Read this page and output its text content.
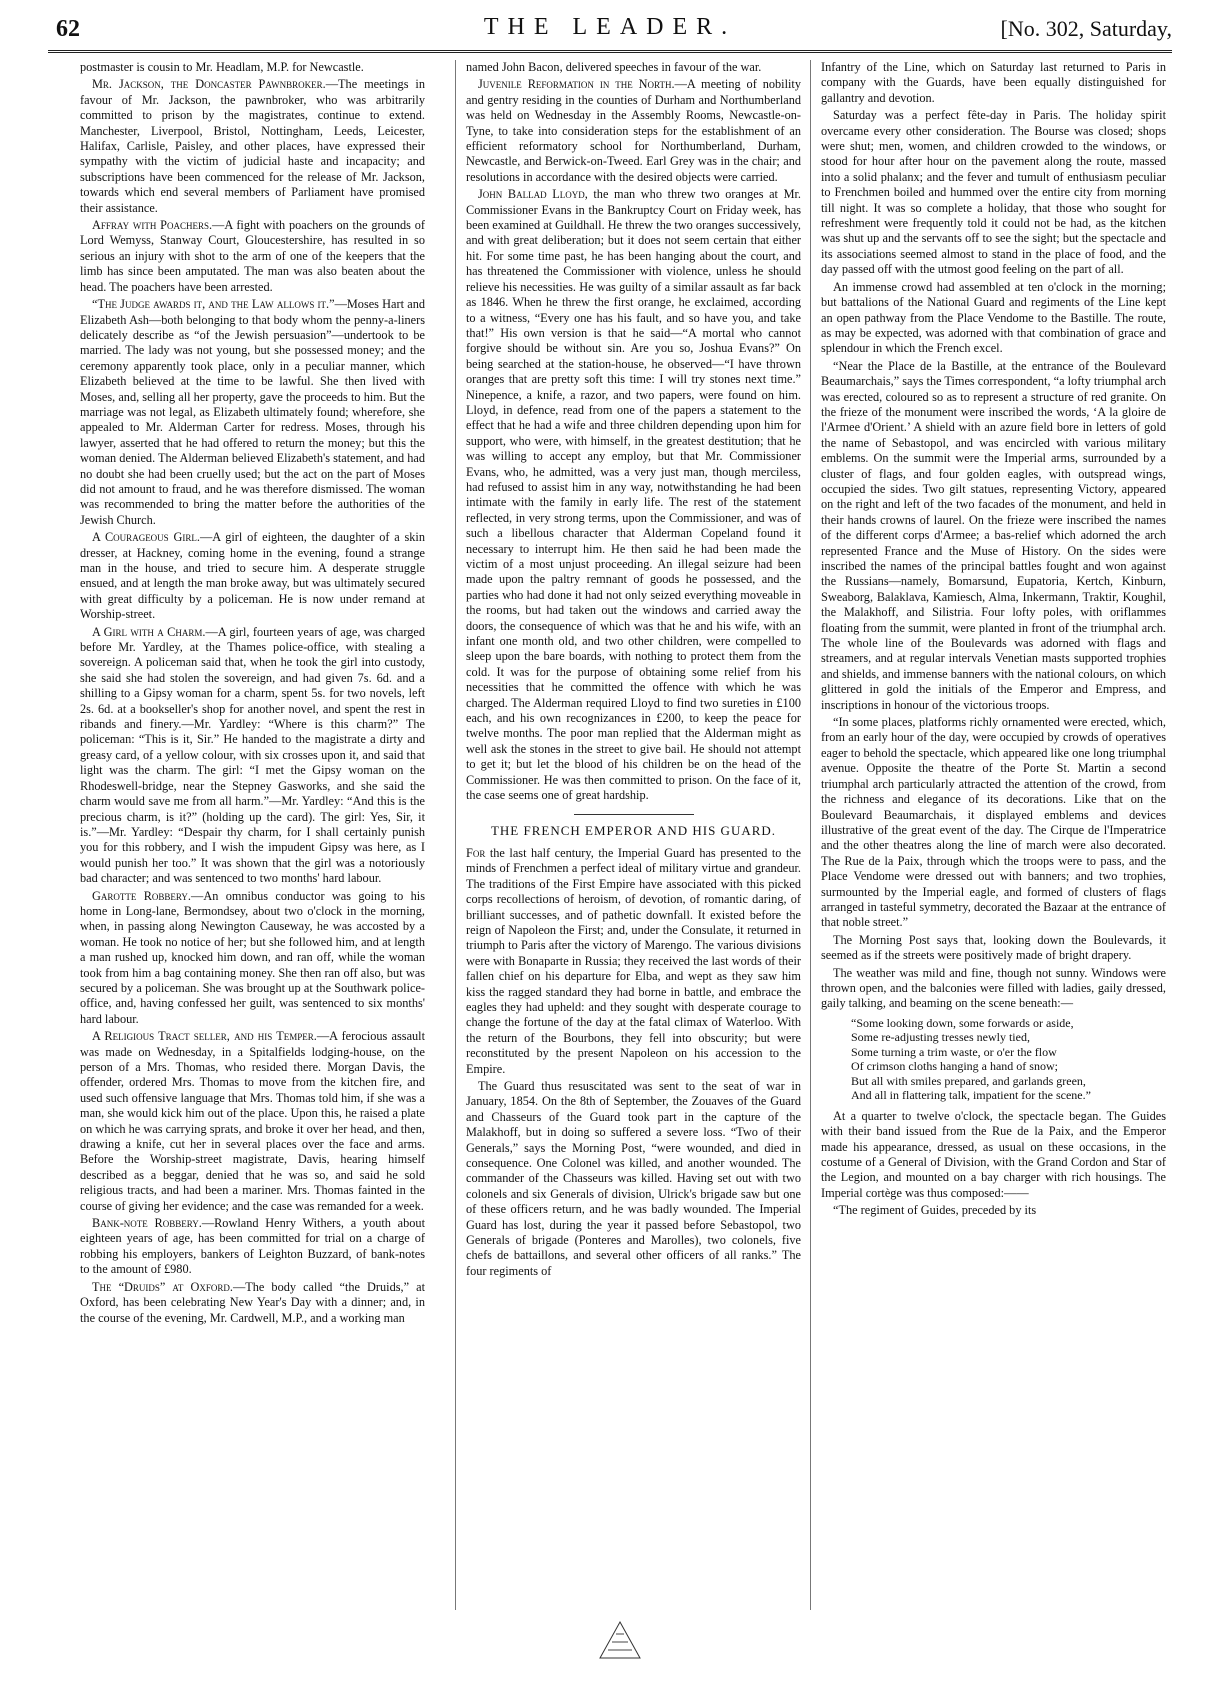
62	THE LEADER.	[No. 302, Saturday,

postmaster is cousin to Mr. Headlam, M.P. for Newcastle.

Mr. Jackson, the Doncaster Pawnbroker.—The meetings in favour of Mr. Jackson, the pawnbroker, who was arbitrarily committed to prison by the magistrates, continue to extend. Manchester, Liverpool, Bristol, Nottingham, Leeds, Leicester, Halifax, Carlisle, Paisley, and other places, have expressed their sympathy with the victim of judicial haste and incapacity; and subscriptions have been commenced for the release of Mr. Jackson, towards which end several members of Parliament have promised their assistance.

Affray with Poachers.—A fight with poachers on the grounds of Lord Wemyss, Stanway Court, Gloucestershire, has resulted in so serious an injury with shot to the arm of one of the keepers that the limb has since been amputated. The man was also beaten about the head. The poachers have been arrested.

“The Judge awards it, and the Law allows it.”—Moses Hart and Elizabeth Ash—both belonging to that body whom the penny-a-liners delicately describe as “of the Jewish persuasion”—undertook to be married. The lady was not young, but she possessed money; and the ceremony apparently took place, only in a peculiar manner, which Elizabeth believed at the time to be lawful. She then lived with Moses, and, selling all her property, gave the proceeds to him. But the marriage was not legal, as Elizabeth ultimately found; wherefore, she appealed to Mr. Alderman Carter for redress. Moses, through his lawyer, asserted that he had offered to return the money; but this the woman denied. The Alderman believed Elizabeth's statement, and had no doubt she had been cruelly used; but the act on the part of Moses did not amount to fraud, and he was therefore dismissed. The woman was recommended to bring the matter before the authorities of the Jewish Church.

A Courageous Girl.—A girl of eighteen, the daughter of a skin dresser, at Hackney, coming home in the evening, found a strange man in the house, and tried to secure him. A desperate struggle ensued, and at length the man broke away, but was ultimately secured with great difficulty by a policeman. He is now under remand at Worship-street.

A Girl with a Charm.—A girl, fourteen years of age, was charged before Mr. Yardley, at the Thames police-office, with stealing a sovereign. A policeman said that, when he took the girl into custody, she said she had stolen the sovereign, and had given 7s. 6d. and a shilling to a Gipsy woman for a charm, spent 5s. for two novels, left 2s. 6d. at a bookseller's shop for another novel, and spent the rest in ribands and finery.—Mr. Yardley: “Where is this charm?” The policeman: “This is it, Sir.” He handed to the magistrate a dirty and greasy card, of a yellow colour, with six crosses upon it, and said that light was the charm. The girl: “I met the Gipsy woman on the Rhodeswell-bridge, near the Stepney Gasworks, and she said the charm would save me from all harm.”—Mr. Yardley: “And this is the precious charm, is it?” (holding up the card). The girl: Yes, Sir, it is.”—Mr. Yardley: “Despair thy charm, for I shall certainly punish you for this robbery, and I wish the impudent Gipsy was here, as I would punish her too.” It was shown that the girl was a notoriously bad character; and was sentenced to two months' hard labour.

Garotte Robbery.—An omnibus conductor was going to his home in Long-lane, Bermondsey, about two o'clock in the morning, when, in passing along Newington Causeway, he was accosted by a woman. He took no notice of her; but she followed him, and at length a man rushed up, knocked him down, and ran off, while the woman took from him a bag containing money. She then ran off also, but was secured by a policeman. She was brought up at the Southwark police-office, and, having confessed her guilt, was sentenced to six months' hard labour.

A Religious Tract seller, and his Temper.—A ferocious assault was made on Wednesday, in a Spitalfields lodging-house, on the person of a Mrs. Thomas, who resided there. Morgan Davis, the offender, ordered Mrs. Thomas to move from the kitchen fire, and used such offensive language that Mrs. Thomas told him, if she was a man, she would kick him out of the place. Upon this, he raised a plate on which he was carrying sprats, and broke it over her head, and then, drawing a knife, cut her in several places over the face and arms. Before the Worship-street magistrate, Davis, hearing himself described as a beggar, denied that he was so, and said he sold religious tracts, and had been a mariner. Mrs. Thomas fainted in the course of giving her evidence; and the case was remanded for a week.

Bank-note Robbery.—Rowland Henry Withers, a youth about eighteen years of age, has been committed for trial on a charge of robbing his employers, bankers of Leighton Buzzard, of bank-notes to the amount of £980.

The “Druids” at Oxford.—The body called “the Druids,” at Oxford, has been celebrating New Year's Day with a dinner; and, in the course of the evening, Mr. Cardwell, M.P., and a working man

named John Bacon, delivered speeches in favour of the war.

Juvenile Reformation in the North.—A meeting of nobility and gentry residing in the counties of Durham and Northumberland was held on Wednesday in the Assembly Rooms, Newcastle-on-Tyne, to take into consideration steps for the establishment of an efficient reformatory school for Northumberland, Durham, Newcastle, and Berwick-on-Tweed. Earl Grey was in the chair; and resolutions in accordance with the desired objects were carried.

John Ballad Lloyd, the man who threw two oranges at Mr. Commissioner Evans in the Bankruptcy Court on Friday week, has been examined at Guildhall. He threw the two oranges successively, and with great deliberation; but it does not seem certain that either hit. For some time past, he has been hanging about the court, and has threatened the Commissioner with violence, unless he should relieve his necessities. He was guilty of a similar assault as far back as 1846. When he threw the first orange, he exclaimed, according to a witness, “Every one has his fault, and so have you, and take that!” His own version is that he said—“A mortal who cannot forgive should be without sin. Are you so, Joshua Evans?” On being searched at the station-house, he observed—“I have thrown oranges that are pretty soft this time: I will try stones next time.” Ninepence, a knife, a razor, and two papers, were found on him. Lloyd, in defence, read from one of the papers a statement to the effect that he had a wife and three children depending upon him for support, who were, with himself, in the greatest destitution; that he was willing to accept any employ, but that Mr. Commissioner Evans, who, he admitted, was a very just man, though merciless, had refused to assist him in any way, notwithstanding he had been intimate with the family in early life. The rest of the statement reflected, in very strong terms, upon the Commissioner, and was of such a libellous character that Alderman Copeland found it necessary to interrupt him. He then said he had been made the victim of a most unjust proceeding. An illegal seizure had been made upon the paltry remnant of goods he possessed, and the parties who had done it had not only seized everything moveable in the rooms, but had taken out the windows and carried away the doors, the consequence of which was that he and his wife, with an infant one month old, and two other children, were compelled to sleep upon the bare boards, with nothing to protect them from the cold. It was for the purpose of obtaining some relief from his necessities that he committed the offence with which he was charged. The Alderman required Lloyd to find two sureties in £100 each, and his own recognizances in £200, to keep the peace for twelve months. The poor man replied that the Alderman might as well ask the stones in the street to give bail. He should not attempt to get it; but let the blood of his children be on the head of the Commissioner. He was then committed to prison. On the face of it, the case seems one of great hardship.

THE FRENCH EMPEROR AND HIS GUARD.

For the last half century, the Imperial Guard has presented to the minds of Frenchmen a perfect ideal of military virtue and grandeur. The traditions of the First Empire have associated with this picked corps recollections of heroism, of devotion, of romantic daring, of brilliant successes, and of pathetic downfall. It existed before the reign of Napoleon the First; and, under the Consulate, it returned in triumph to Paris after the victory of Marengo. The various divisions were with Bonaparte in Russia; they received the last words of their fallen chief on his departure for Elba, and wept as they saw him kiss the ragged standard they had borne in battle, and embrace the eagles they had upheld: and they sought with desperate courage to change the fortune of the day at the fatal climax of Waterloo. With the return of the Bourbons, they fell into obscurity; but were reconstituted by the present Napoleon on his accession to the Empire.

The Guard thus resuscitated was sent to the seat of war in January, 1854. On the 8th of September, the Zouaves of the Guard and Chasseurs of the Guard took part in the capture of the Malakhoff, but in doing so suffered a severe loss. “Two of their Generals,” says the Morning Post, “were wounded, and died in consequence. One Colonel was killed, and another wounded. The commander of the Chasseurs was killed. Having set out with two colonels and six Generals of division, Ulrick's brigade saw but one of these officers return, and he was badly wounded. The Imperial Guard has lost, during the year it passed before Sebastopol, two Generals of brigade (Ponteres and Marolles), two colonels, five chefs de battaillons, and several other officers of all ranks.” The four regiments of

Infantry of the Line, which on Saturday last returned to Paris in company with the Guards, have been equally distinguished for gallantry and devotion.

Saturday was a perfect fête-day in Paris. The holiday spirit overcame every other consideration. The Bourse was closed; shops were shut; men, women, and children crowded to the windows, or stood for hour after hour on the pavement along the route, massed into a solid phalanx; and the fever and tumult of enthusiasm peculiar to Frenchmen boiled and hummed over the entire city from morning till night. It was so complete a holiday, that those who sought for refreshment were frequently told it could not be had, as the kitchen was shut up and the servants off to see the sight; but the spectacle and its associations seemed almost to stand in the place of food, and the day passed off with the utmost good feeling on the part of all.

An immense crowd had assembled at ten o'clock in the morning; but battalions of the National Guard and regiments of the Line kept an open pathway from the Place Vendome to the Bastille. The route, as may be expected, was adorned with that combination of grace and splendour in which the French excel.

“Near the Place de la Bastille, at the entrance of the Boulevard Beaumarchais,” says the Times correspondent, “a lofty triumphal arch was erected, coloured so as to represent a structure of red granite. On the frieze of the monument were inscribed the words, ‘A la gloire de l'Armee d'Orient.’ A shield with an azure field bore in letters of gold the name of Sebastopol, and was encircled with various military emblems. On the summit were the Imperial arms, surrounded by a cluster of flags, and four golden eagles, with outspread wings, occupied the sides. Two gilt statues, representing Victory, appeared on the right and left of the two facades of the monument, and held in their hands crowns of laurel. On the frieze were inscribed the names of the different corps d'Armee; a bas-relief which adorned the arch represented France and the Muse of History. On the sides were inscribed the names of the principal battles fought and won against the Russians—namely, Bomarsund, Eupatoria, Kertch, Kinburn, Sweaborg, Balaklava, Kamiesch, Alma, Inkermann, Traktir, Koughil, the Malakhoff, and Silistria. Four lofty poles, with oriflammes floating from the summit, were planted in front of the triumphal arch. The whole line of the Boulevards was adorned with flags and streamers, and at regular intervals Venetian masts supported trophies and shields, and immense banners with the national colours, on which glittered in gold the initials of the Emperor and Empress, and inscriptions in honour of the victorious troops.

“In some places, platforms richly ornamented were erected, which, from an early hour of the day, were occupied by crowds of operatives eager to behold the spectacle, which appeared like one long triumphal avenue. Opposite the theatre of the Porte St. Martin a second triumphal arch particularly attracted the attention of the crowd, from the richness and elegance of its decorations. Like that on the Boulevard Beaumarchais, it displayed emblems and devices illustrative of the great event of the day. The Cirque de l'Imperatrice and the other theatres along the line of march were also decorated. The Rue de la Paix, through which the troops were to pass, and the Place Vendome were dressed out with banners; and two trophies, surmounted by the Imperial eagle, and formed of clusters of flags arranged in tasteful symmetry, decorated the Bazaar at the entrance of that noble street.”

The Morning Post says that, looking down the Boulevards, it seemed as if the streets were positively made of bright drapery.

The weather was mild and fine, though not sunny. Windows were thrown open, and the balconies were filled with ladies, gaily dressed, gaily talking, and beaming on the scene beneath:—

“Some looking down, some forwards or aside,
Some re-adjusting tresses newly tied,
Some turning a trim waste, or o'er the flow
Of crimson cloths hanging a hand of snow;
But all with smiles prepared, and garlands green,
And all in flattering talk, impatient for the scene.”

At a quarter to twelve o'clock, the spectacle began. The Guides with their band issued from the Rue de la Paix, and the Emperor made his appearance, dressed, as usual on these occasions, in the costume of a General of Division, with the Grand Cordon and Star of the Legion, and mounted on a bay charger with rich housings. The Imperial cortège was thus composed:——

“The regiment of Guides, preceded by its
